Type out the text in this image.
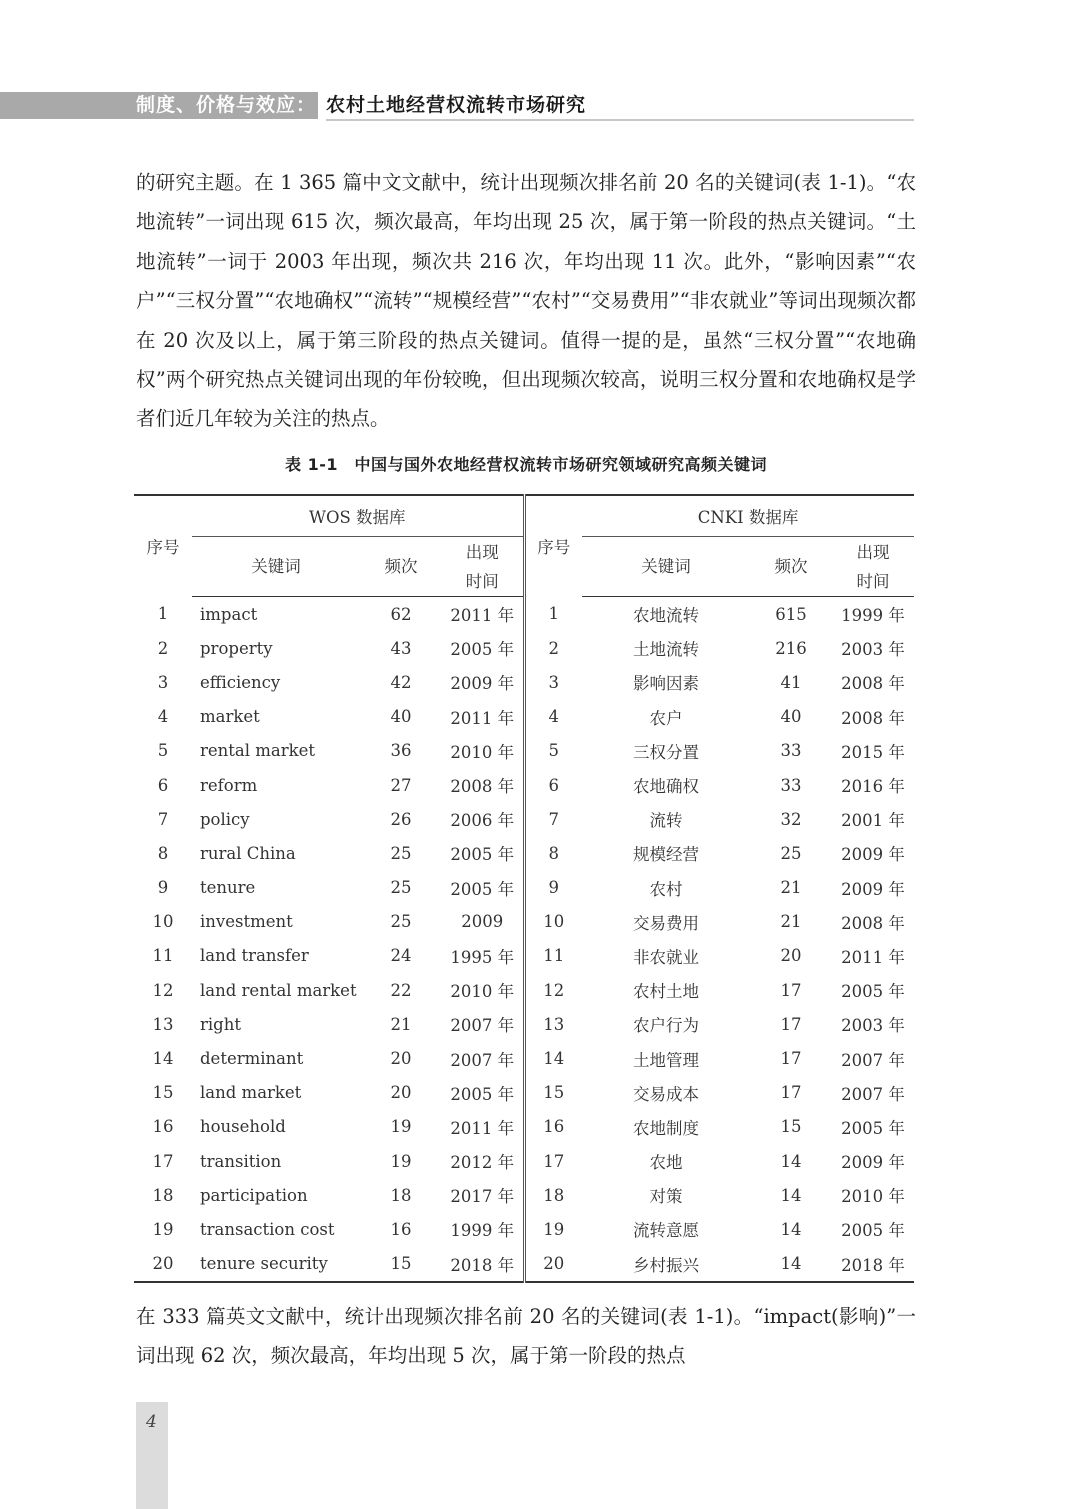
制度、价格与效应： 农村土地经营权流转市场研究

的研究主题。在 1 365 篇中文文献中，统计出现频次排名前 20 名的关键词(表 1-1)。“农地流转”一词出现 615 次，频次最高，年均出现 25 次，属于第一阶段的热点关键词。“土地流转”一词于 2003 年出现，频次共 216 次，年均出现 11 次。此外，“影响因素”“农户”“三权分置”“农地确权”“流转”“规模经营”“农村”“交易费用”“非农就业”等词出现频次都在 20 次及以上，属于第三阶段的热点关键词。值得一提的是，虽然“三权分置”“农地确权”两个研究热点关键词出现的年份较晚，但出现频次较高，说明三权分置和农地确权是学者们近几年较为关注的热点。

表 1-1　中国与国外农地经营权流转市场研究领域研究高频关键词
序号	WOS 数据库			序号	CNKI 数据库		
	关键词	频次	出现时间		关键词	频次	出现时间
1	impact	62	2011 年	1	农地流转	615	1999 年
2	property	43	2005 年	2	土地流转	216	2003 年
3	efficiency	42	2009 年	3	影响因素	41	2008 年
4	market	40	2011 年	4	农户	40	2008 年
5	rental market	36	2010 年	5	三权分置	33	2015 年
6	reform	27	2008 年	6	农地确权	33	2016 年
7	policy	26	2006 年	7	流转	32	2001 年
8	rural China	25	2005 年	8	规模经营	25	2009 年
9	tenure	25	2005 年	9	农村	21	2009 年
10	investment	25	2009	10	交易费用	21	2008 年
11	land transfer	24	1995 年	11	非农就业	20	2011 年
12	land rental market	22	2010 年	12	农村土地	17	2005 年
13	right	21	2007 年	13	农户行为	17	2003 年
14	determinant	20	2007 年	14	土地管理	17	2007 年
15	land market	20	2005 年	15	交易成本	17	2007 年
16	household	19	2011 年	16	农地制度	15	2005 年
17	transition	19	2012 年	17	农地	14	2009 年
18	participation	18	2017 年	18	对策	14	2010 年
19	transaction cost	16	1999 年	19	流转意愿	14	2005 年
20	tenure security	15	2018 年	20	乡村振兴	14	2018 年

在 333 篇英文文献中，统计出现频次排名前 20 名的关键词(表 1-1)。“impact(影响)”一词出现 62 次，频次最高，年均出现 5 次，属于第一阶段的热点

4
